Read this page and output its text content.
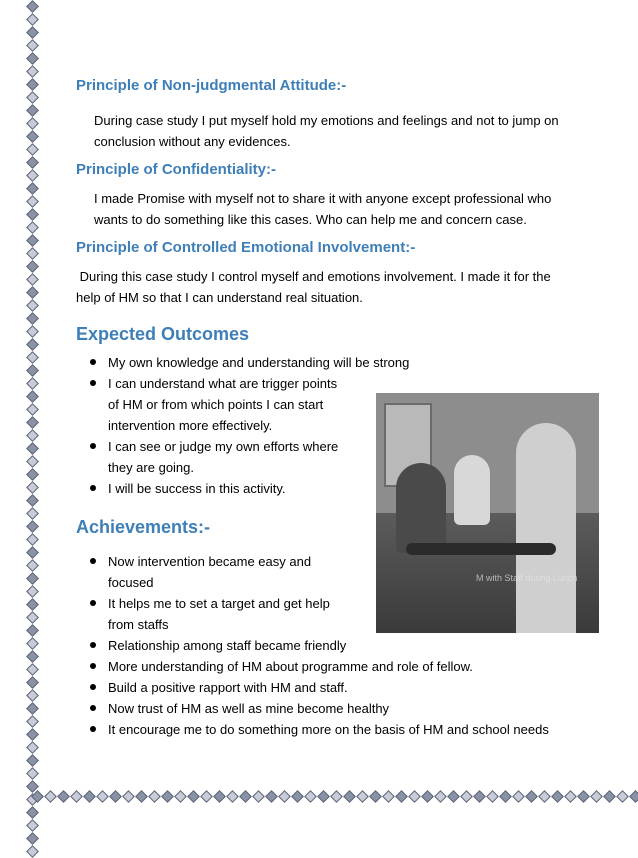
Principle of Non-judgmental Attitude:-

During case study I put myself hold my emotions and feelings and not to jump on
conclusion without any evidences.

Principle of Confidentiality:-

I made Promise with myself not to share it with anyone except professional who
wants to do something like this cases. Who can help me and concern case.

Principle of Controlled Emotional Involvement:-

During this case study I control myself and emotions involvement. I made it for the
help of HM so that I can understand real situation.

Expected Outcomes
My own knowledge and understanding will be strong
I can understand what are trigger points
of HM or from which points I can start
intervention more effectively.
I can see or judge my own efforts where
they are going.
I will be success in this activity.
Achievements:-
Now intervention became easy and
focused
It helps me to set a target and get help
from staffs
Relationship among staff became friendly
More understanding of HM about programme and role of fellow.
Build a positive rapport with HM and staff.
Now trust of HM as well as mine become healthy
It encourage me to do something more on the basis of HM and school needs
M with Staff during Lunch
